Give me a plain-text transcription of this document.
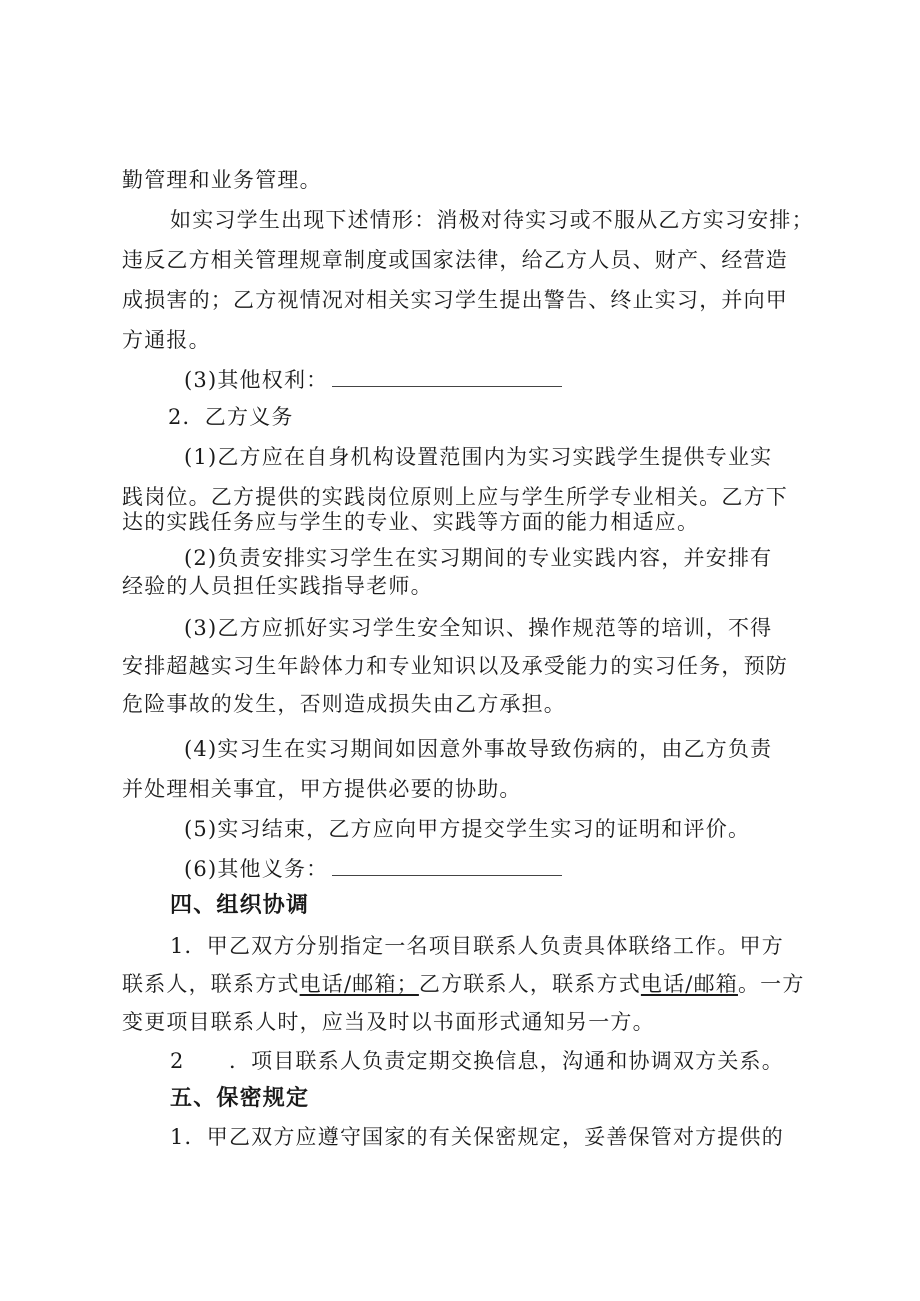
勤管理和业务管理。
如实习学生出现下述情形：消极对待实习或不服从乙方实习安排；
违反乙方相关管理规章制度或国家法律，给乙方人员、财产、经营造
成损害的；乙方视情况对相关实习学生提出警告、终止实习，并向甲
方通报。
(3)其他权利：
2．乙方义务
(1)乙方应在自身机构设置范围内为实习实践学生提供专业实
践岗位。乙方提供的实践岗位原则上应与学生所学专业相关。乙方下
达的实践任务应与学生的专业、实践等方面的能力相适应。
(2)负责安排实习学生在实习期间的专业实践内容，并安排有
经验的人员担任实践指导老师。
(3)乙方应抓好实习学生安全知识、操作规范等的培训，不得
安排超越实习生年龄体力和专业知识以及承受能力的实习任务，预防
危险事故的发生，否则造成损失由乙方承担。
(4)实习生在实习期间如因意外事故导致伤病的，由乙方负责
并处理相关事宜，甲方提供必要的协助。
(5)实习结束，乙方应向甲方提交学生实习的证明和评价。
(6)其他义务：
四、组织协调
1．甲乙双方分别指定一名项目联系人负责具体联络工作。甲方
联系人，联系方式电话/邮箱；乙方联系人，联系方式电话/邮箱。一方
变更项目联系人时，应当及时以书面形式通知另一方。
2　　．项目联系人负责定期交换信息，沟通和协调双方关系。
五、保密规定
1．甲乙双方应遵守国家的有关保密规定，妥善保管对方提供的
